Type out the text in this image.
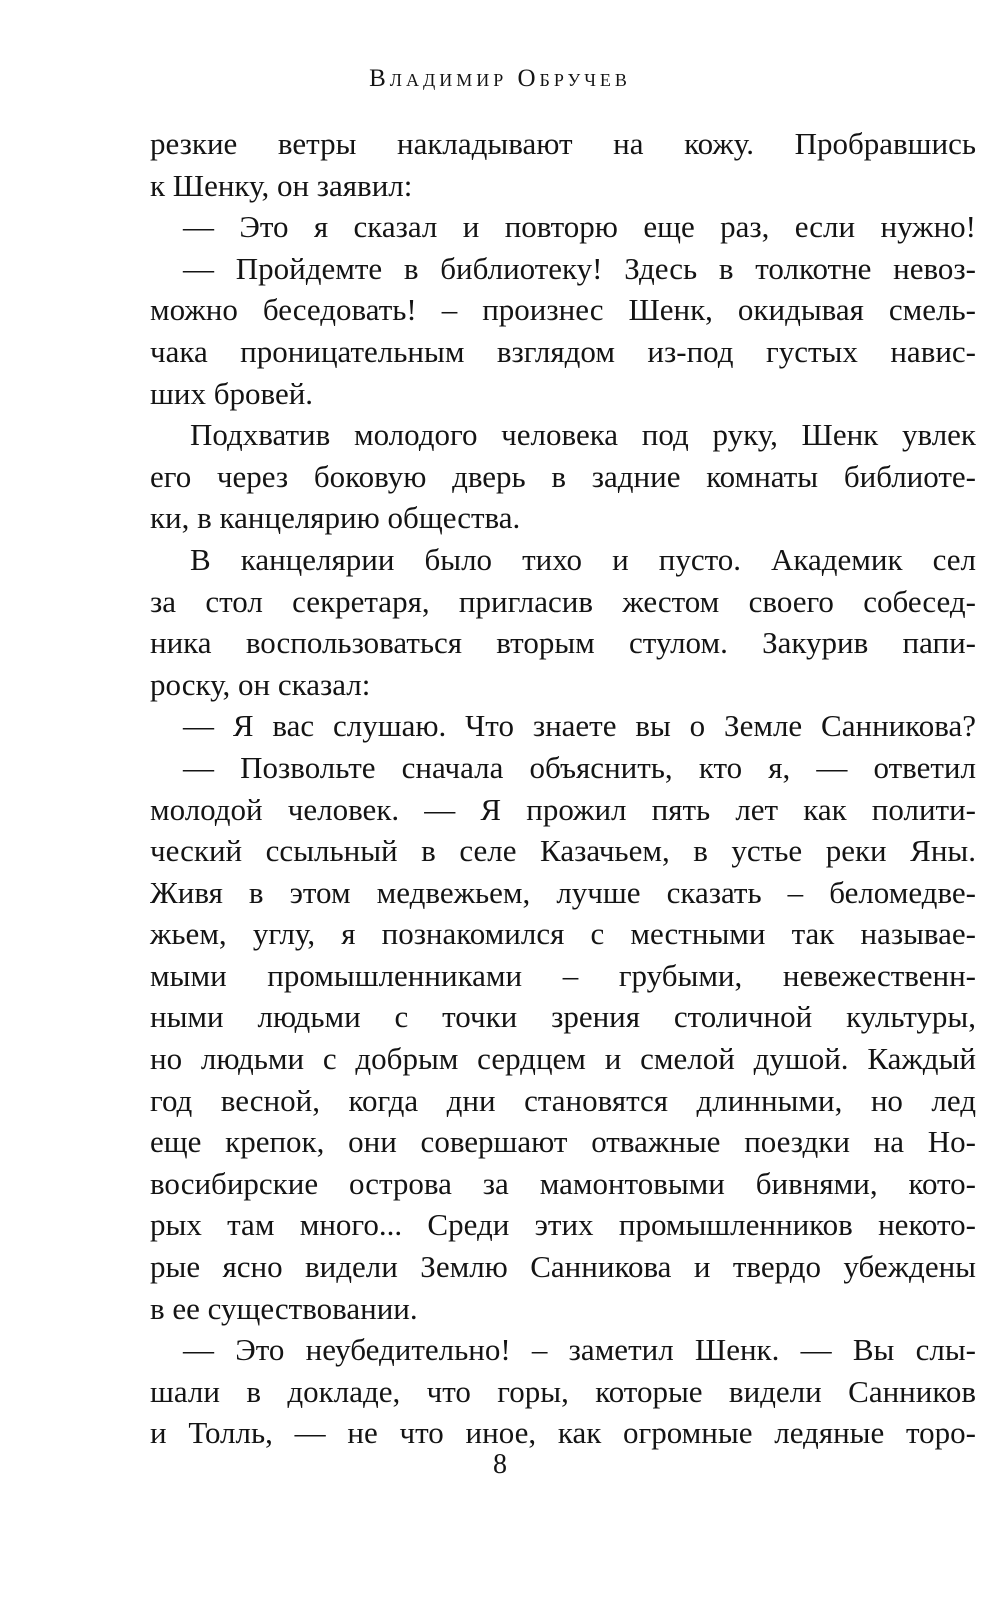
Владимир Обручев
резкие ветры накладывают на кожу. Пробравшись
к Шенку, он заявил:
— Это я сказал и повторю еще раз, если нужно!
— Пройдемте в библиотеку! Здесь в толкотне невоз-
можно беседовать! – произнес Шенк, окидывая смель-
чака проницательным взглядом из-под густых навис-
ших бровей.
Подхватив молодого человека под руку, Шенк увлек
его через боковую дверь в задние комнаты библиоте-
ки, в канцелярию общества.
В канцелярии было тихо и пусто. Академик сел
за стол секретаря, пригласив жестом своего собесед-
ника воспользоваться вторым стулом. Закурив папи-
роску, он сказал:
— Я вас слушаю. Что знаете вы о Земле Санникова?
— Позвольте сначала объяснить, кто я, — ответил
молодой человек. — Я прожил пять лет как полити-
ческий ссыльный в селе Казачьем, в устье реки Яны.
Живя в этом медвежьем, лучше сказать – беломедве-
жьем, углу, я познакомился с местными так называе-
мыми промышленниками – грубыми, невежественн-
ными людьми с точки зрения столичной культуры,
но людьми с добрым сердцем и смелой душой. Каждый
год весной, когда дни становятся длинными, но лед
еще крепок, они совершают отважные поездки на Но-
восибирские острова за мамонтовыми бивнями, кото-
рых там много... Среди этих промышленников некото-
рые ясно видели Землю Санникова и твердо убеждены
в ее существовании.
— Это неубедительно! – заметил Шенк. — Вы слы-
шали в докладе, что горы, которые видели Санников
и Толль, — не что иное, как огромные ледяные торо-
8
